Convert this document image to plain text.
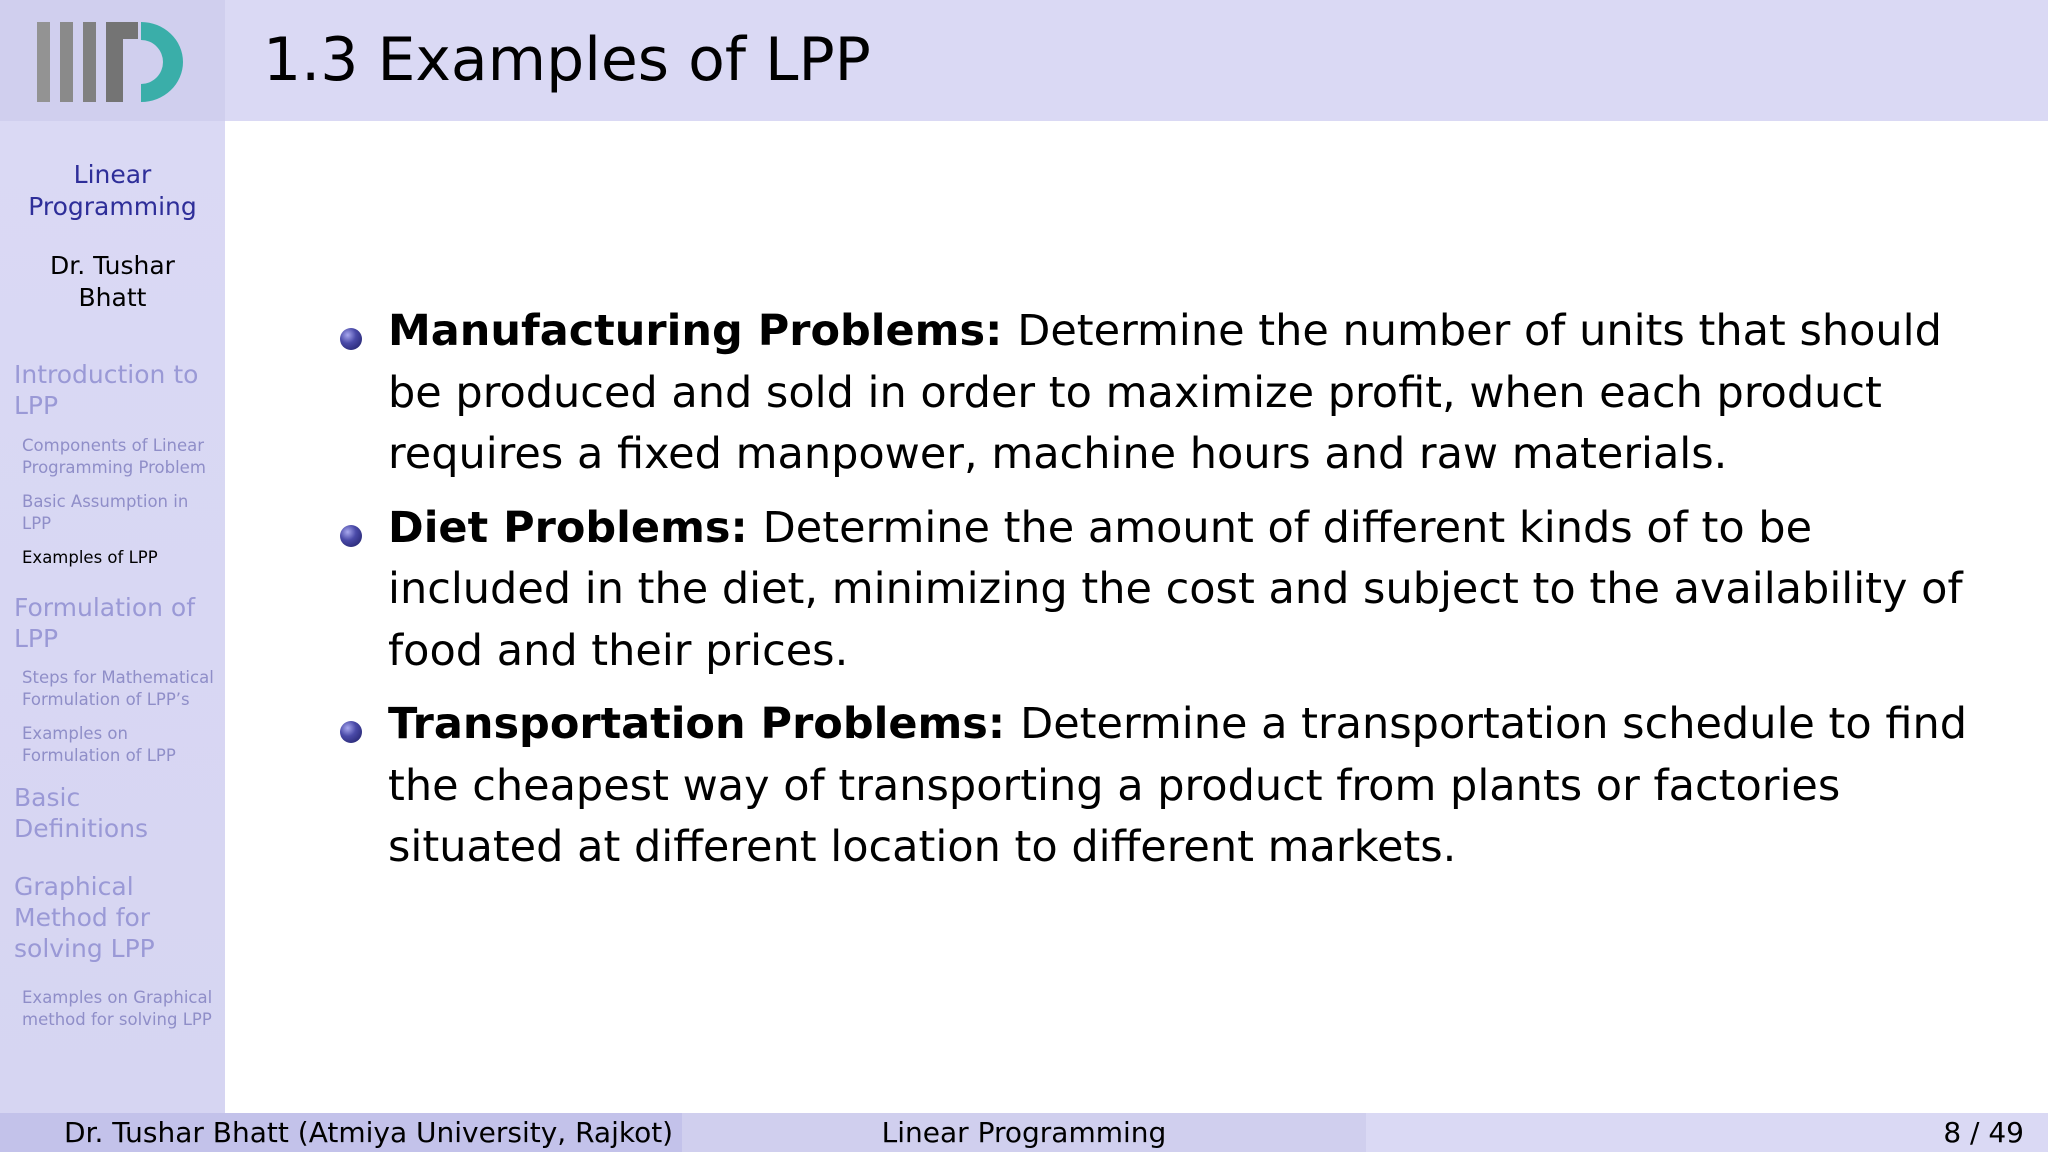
1.3 Examples of LPP
Linear Programming
Dr. Tushar Bhatt
Introduction to LPP
Components of Linear Programming Problem
Basic Assumption in LPP
Examples of LPP
Formulation of LPP
Steps for Mathematical Formulation of LPP’s
Examples on Formulation of LPP
Basic Definitions
Graphical Method for solving LPP
Examples on Graphical method for solving LPP
Manufacturing Problems: Determine the number of units that should be produced and sold in order to maximize profit, when each product requires a fixed manpower, machine hours and raw materials.
Diet Problems: Determine the amount of different kinds of to be included in the diet, minimizing the cost and subject to the availability of food and their prices.
Transportation Problems: Determine a transportation schedule to find the cheapest way of transporting a product from plants or factories situated at different location to different markets.
Dr. Tushar Bhatt (Atmiya University, Rajkot)	Linear Programming	8 / 49
